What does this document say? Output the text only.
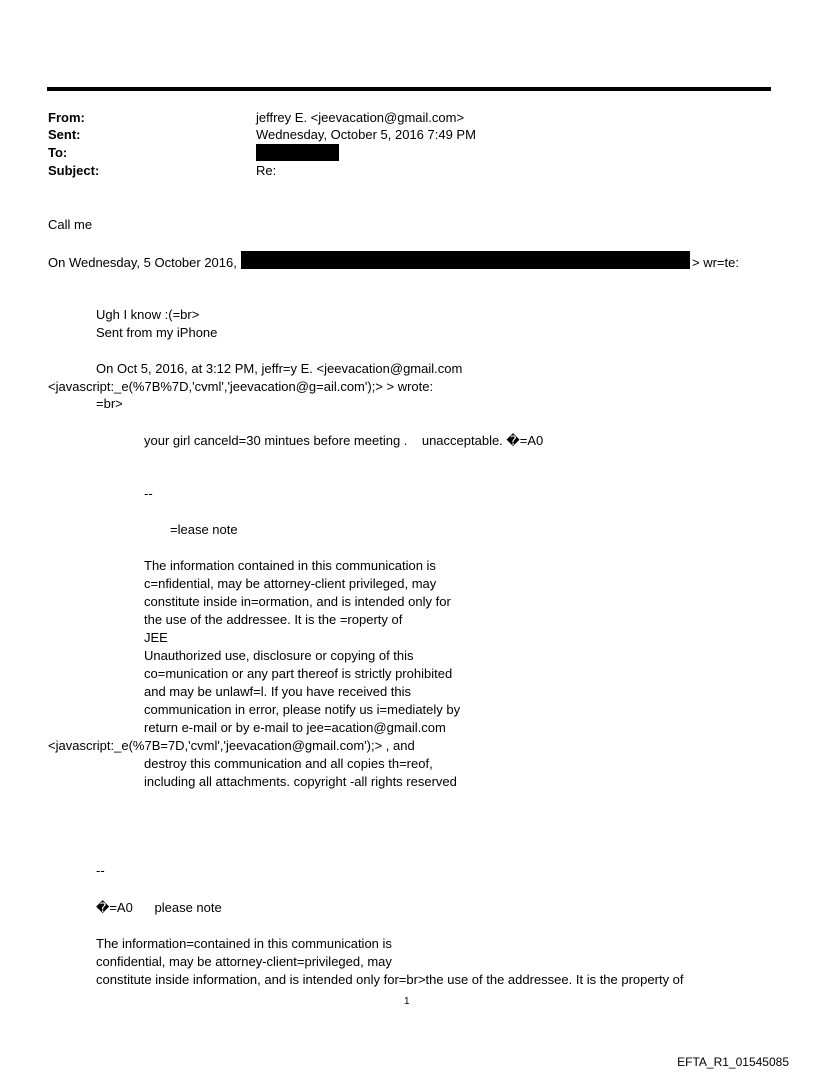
From:	jeffrey E. <jeevacation@gmail.com>
Sent:	Wednesday, October 5, 2016 7:49 PM
To:
Subject:	Re:
Call me
On Wednesday, 5 October 2016,	> wr=te:
Ugh I know :(=br>
Sent from my iPhone
On Oct 5, 2016, at 3:12 PM, jeffr=y E. <jeevacation@gmail.com
<javascript:_e(%7B%7D,'cvml','jeevacation@g=ail.com');> > wrote:
=br>
your girl canceld=30 mintues before meeting .    unacceptable. �=A0
--
=lease note
The information contained in this communication is
c=nfidential, may be attorney-client privileged, may
constitute inside in=ormation, and is intended only for
the use of the addressee. It is the =roperty of
JEE
Unauthorized use, disclosure or copying of this
co=munication or any part thereof is strictly prohibited
and may be unlawf=l. If you have received this
communication in error, please notify us i=mediately by
return e-mail or by e-mail to jee=acation@gmail.com
<javascript:_e(%7B=7D,'cvml','jeevacation@gmail.com');> , and
destroy this communication and all copies th=reof,
including all attachments. copyright -all rights reserved
--
�=A0      please note
The information=contained in this communication is
confidential, may be attorney-client=privileged, may
constitute inside information, and is intended only for=br>the use of the addressee. It is the property of
1
EFTA_R1_01545085
